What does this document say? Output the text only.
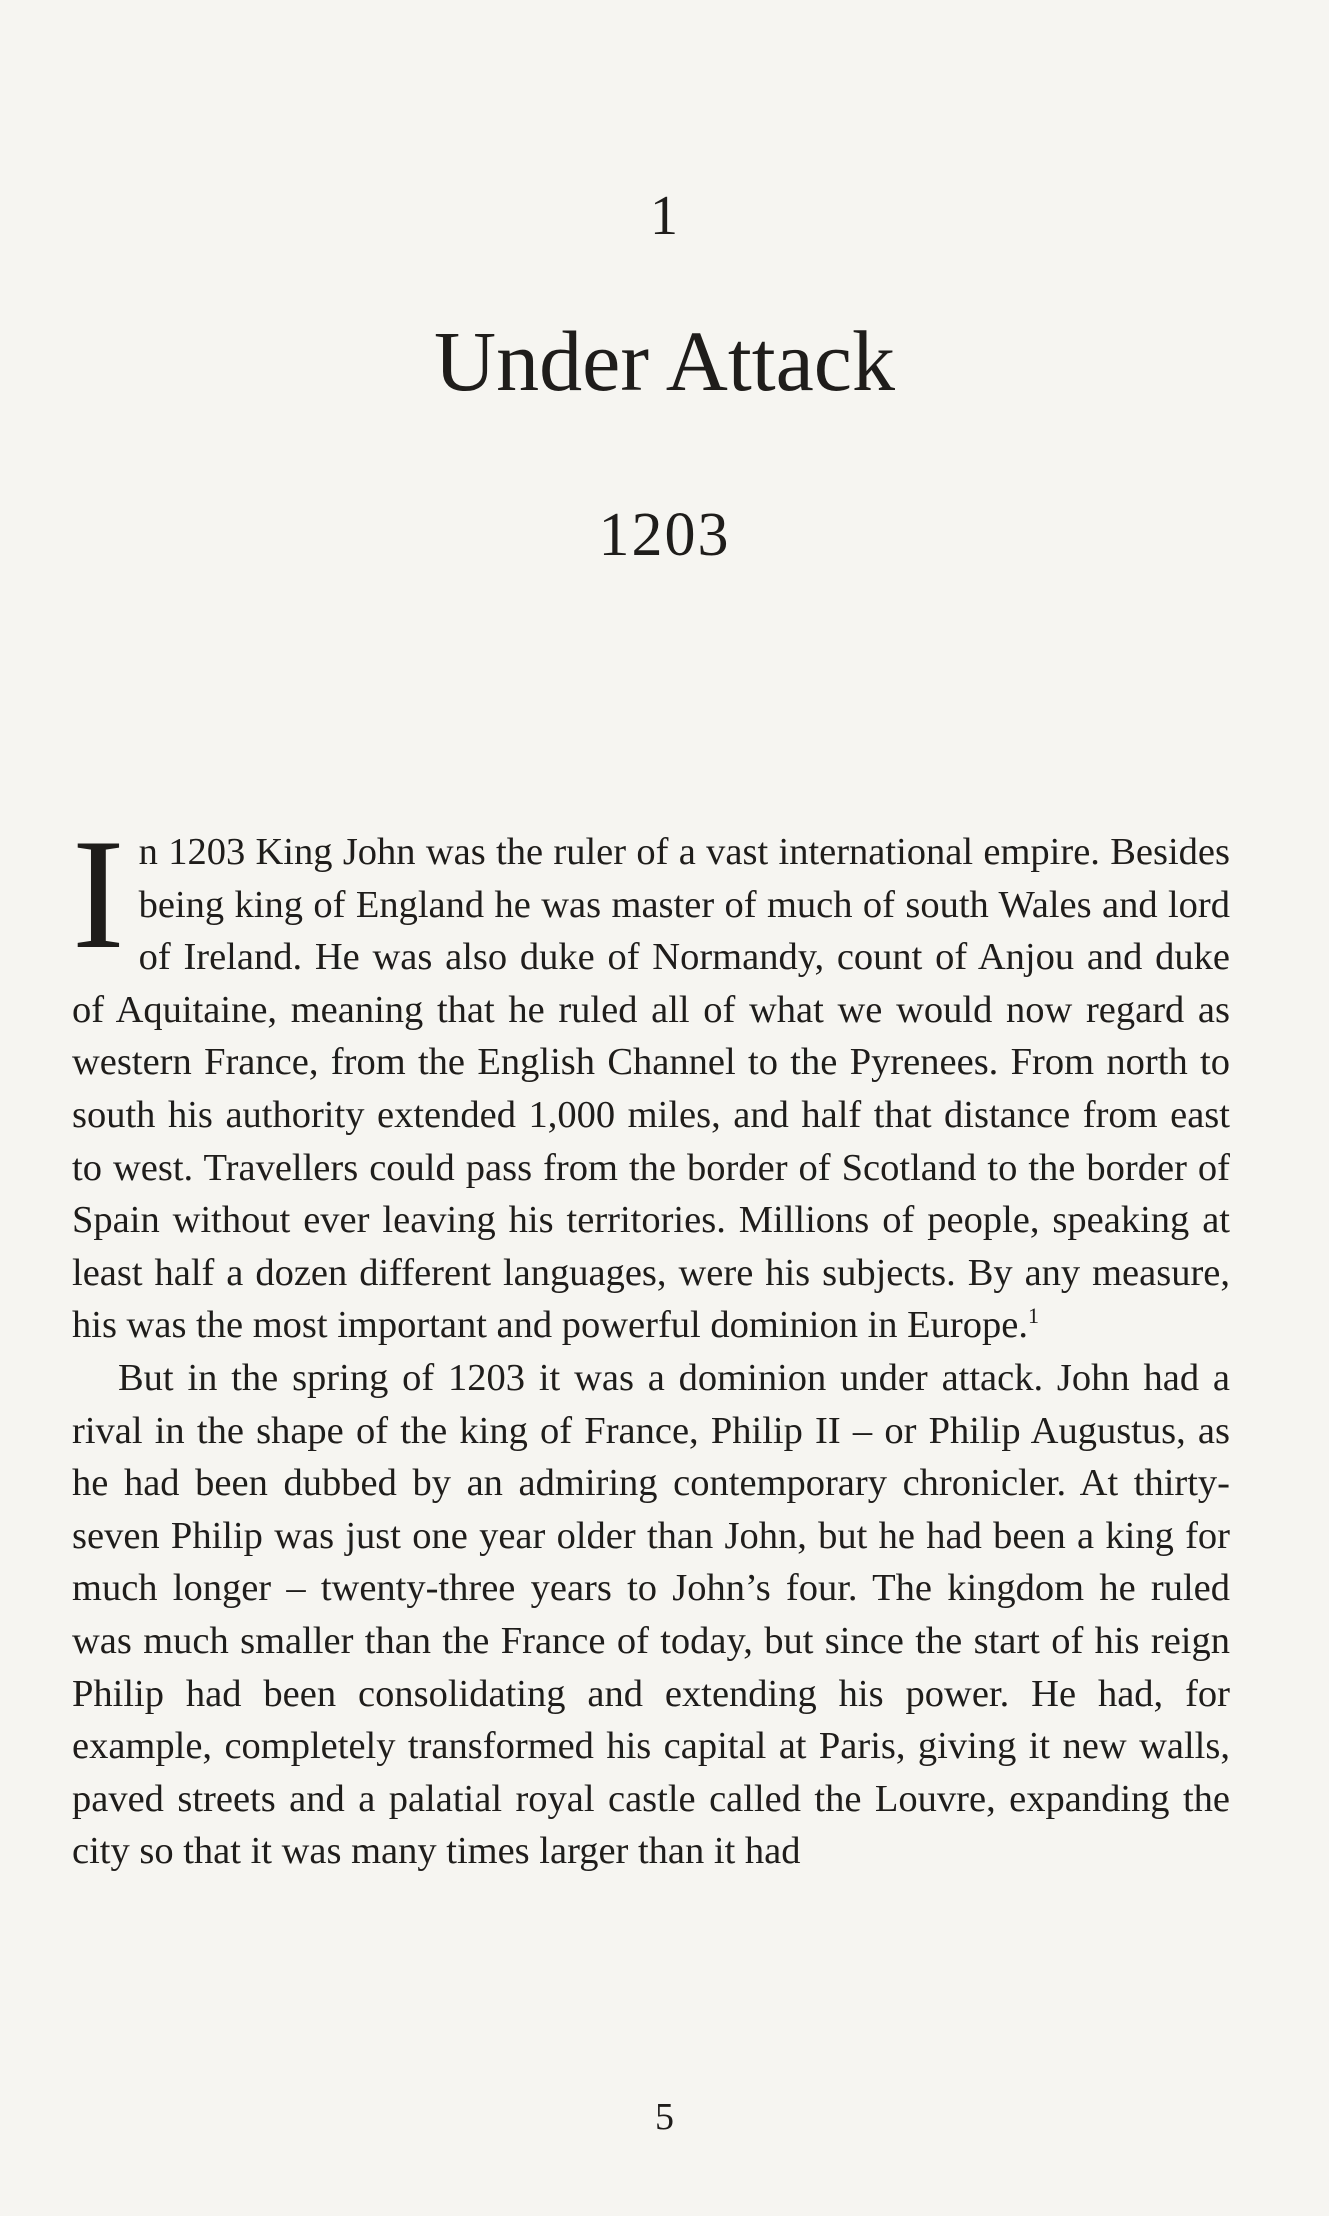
1
Under Attack
1203

In 1203 King John was the ruler of a vast international empire. Besides being king of England he was master of much of south Wales and lord of Ireland. He was also duke of Normandy, count of Anjou and duke of Aquitaine, meaning that he ruled all of what we would now regard as western France, from the English Channel to the Pyrenees. From north to south his authority extended 1,000 miles, and half that distance from east to west. Travellers could pass from the border of Scotland to the border of Spain without ever leaving his territories. Millions of people, speaking at least half a dozen different languages, were his subjects. By any measure, his was the most important and powerful dominion in Europe.$^1$

But in the spring of 1203 it was a dominion under attack. John had a rival in the shape of the king of France, Philip II – or Philip Augustus, as he had been dubbed by an admiring contemporary chronicler. At thirty-seven Philip was just one year older than John, but he had been a king for much longer – twenty-three years to John’s four. The kingdom he ruled was much smaller than the France of today, but since the start of his reign Philip had been consolidating and extending his power. He had, for example, completely transformed his capital at Paris, giving it new walls, paved streets and a palatial royal castle called the Louvre, expanding the city so that it was many times larger than it had

5
